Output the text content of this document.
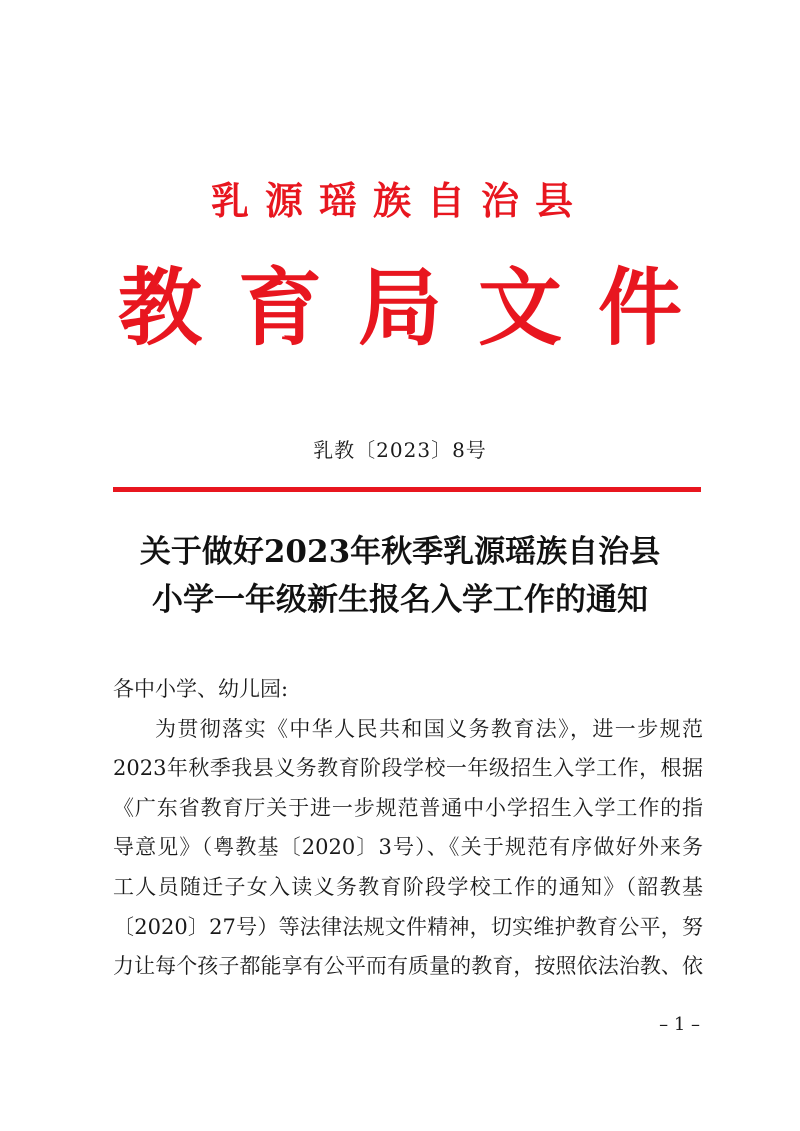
乳源瑶族自治县
教育局文件
乳教〔2023〕8号
关于做好2023年秋季乳源瑶族自治县
小学一年级新生报名入学工作的通知
各中小学、幼儿园:
为贯彻落实《中华人民共和国义务教育法》，进一步规范
2023年秋季我县义务教育阶段学校一年级招生入学工作，根据
《广东省教育厅关于进一步规范普通中小学招生入学工作的指
导意见》（粤教基〔2020〕3号）、《关于规范有序做好外来务
工人员随迁子女入读义务教育阶段学校工作的通知》（韶教基
〔2020〕27号）等法律法规文件精神，切实维护教育公平，努
力让每个孩子都能享有公平而有质量的教育，按照依法治教、依
– 1 –
